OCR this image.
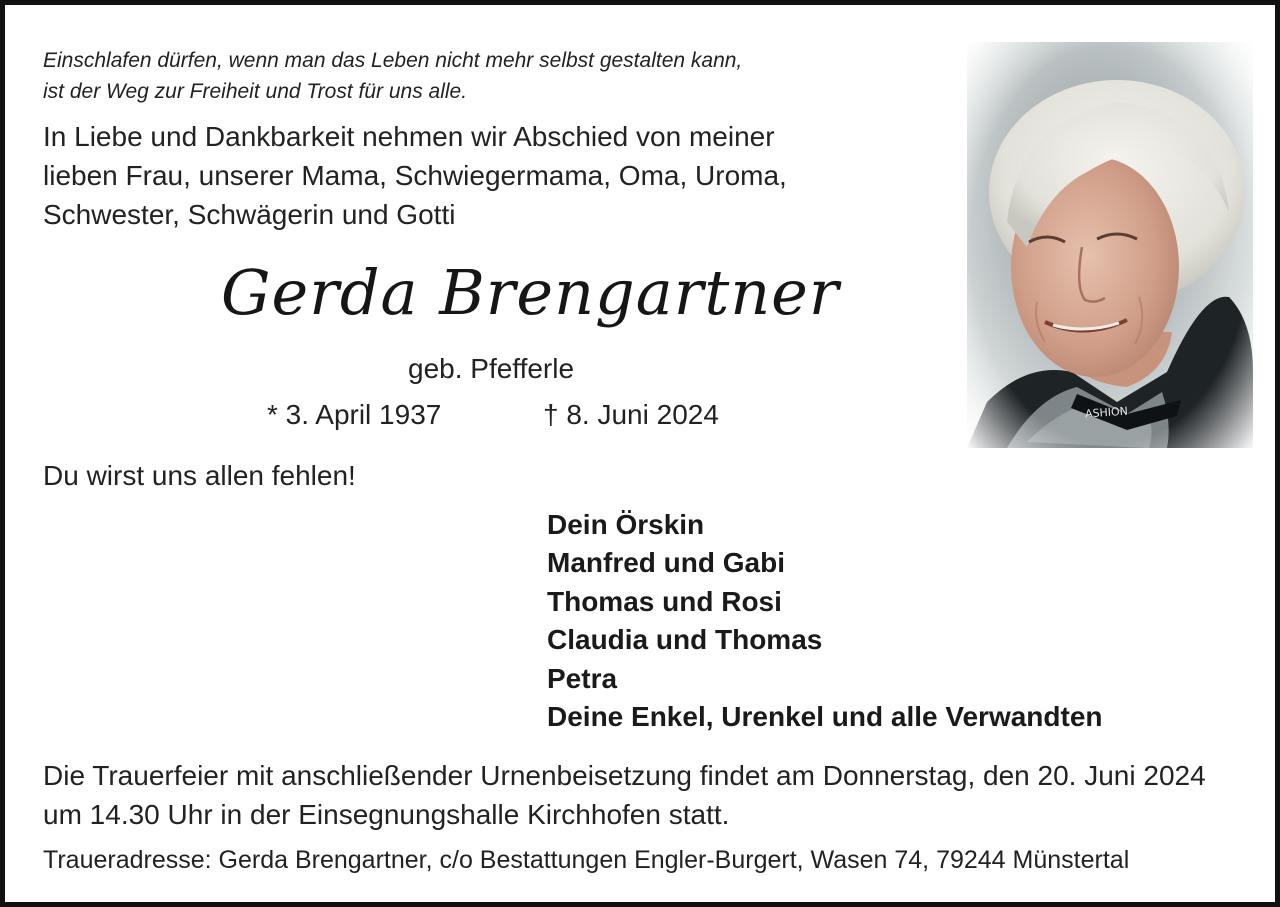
Einschlafen dürfen, wenn man das Leben nicht mehr selbst gestalten kann,
ist der Weg zur Freiheit und Trost für uns alle.
In Liebe und Dankbarkeit nehmen wir Abschied von meiner
lieben Frau, unserer Mama, Schwiegermama, Oma, Uroma,
Schwester, Schwägerin und Gotti
Gerda Brengartner
geb. Pfefferle
* 3. April 1937	† 8. Juni 2024
Du wirst uns allen fehlen!
Dein Örskin
Manfred und Gabi
Thomas und Rosi
Claudia und Thomas
Petra
Deine Enkel, Urenkel und alle Verwandten
Die Trauerfeier mit anschließender Urnenbeisetzung findet am Donnerstag, den 20. Juni 2024
um 14.30 Uhr in der Einsegnungshalle Kirchhofen statt.
Traueradresse: Gerda Brengartner, c/o Bestattungen Engler-Burgert, Wasen 74, 79244 Münstertal
